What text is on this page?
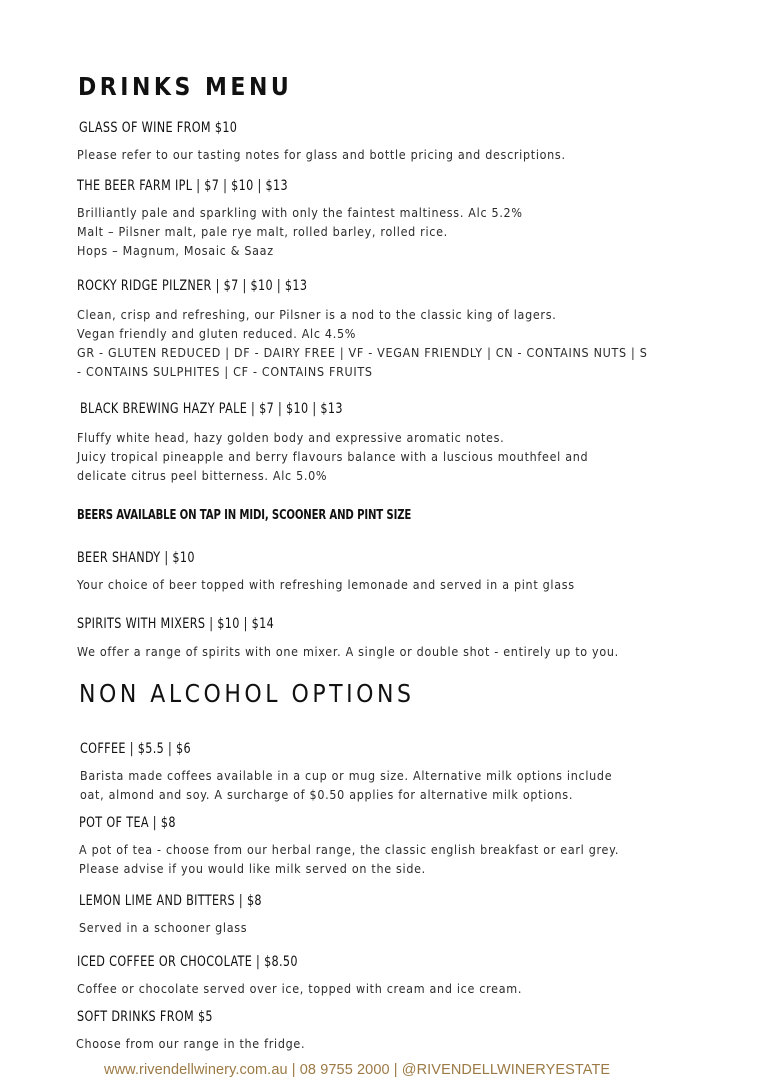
DRINKS MENU
GLASS OF WINE FROM $10
Please refer to our tasting notes for glass and bottle pricing and descriptions.
THE BEER FARM IPL | $7 | $10 | $13
Brilliantly pale and sparkling with only the faintest maltiness. Alc 5.2%
Malt – Pilsner malt, pale rye malt, rolled barley, rolled rice.
Hops – Magnum, Mosaic & Saaz
ROCKY RIDGE PILZNER | $7 | $10 | $13
Clean, crisp and refreshing, our Pilsner is a nod to the classic king of lagers.
Vegan friendly and gluten reduced. Alc 4.5%
GR - GLUTEN REDUCED | DF - DAIRY FREE | VF - VEGAN FRIENDLY | CN - CONTAINS NUTS | S
- CONTAINS SULPHITES | CF - CONTAINS FRUITS
BLACK BREWING HAZY PALE | $7 | $10 | $13
Fluffy white head, hazy golden body and expressive aromatic notes.
Juicy tropical pineapple and berry flavours balance with a luscious mouthfeel and
delicate citrus peel bitterness. Alc 5.0%
BEERS AVAILABLE ON TAP IN MIDI, SCOONER AND PINT SIZE
BEER SHANDY | $10
Your choice of beer topped with refreshing lemonade and served in a pint glass
SPIRITS WITH MIXERS | $10 | $14
We offer a range of spirits with one mixer. A single or double shot - entirely up to you.
NON ALCOHOL OPTIONS
COFFEE | $5.5 | $6
Barista made coffees available in a cup or mug size. Alternative milk options include
oat, almond and soy. A surcharge of $0.50 applies for alternative milk options.
POT OF TEA | $8
A pot of tea - choose from our herbal range, the classic english breakfast or earl grey.
Please advise if you would like milk served on the side.
LEMON LIME AND BITTERS | $8
Served in a schooner glass
ICED COFFEE OR CHOCOLATE | $8.50
Coffee or chocolate served over ice, topped with cream and ice cream.
SOFT DRINKS FROM $5
Choose from our range in the fridge.
www.rivendellwinery.com.au | 08 9755 2000 | @RIVENDELLWINERYESTATE
